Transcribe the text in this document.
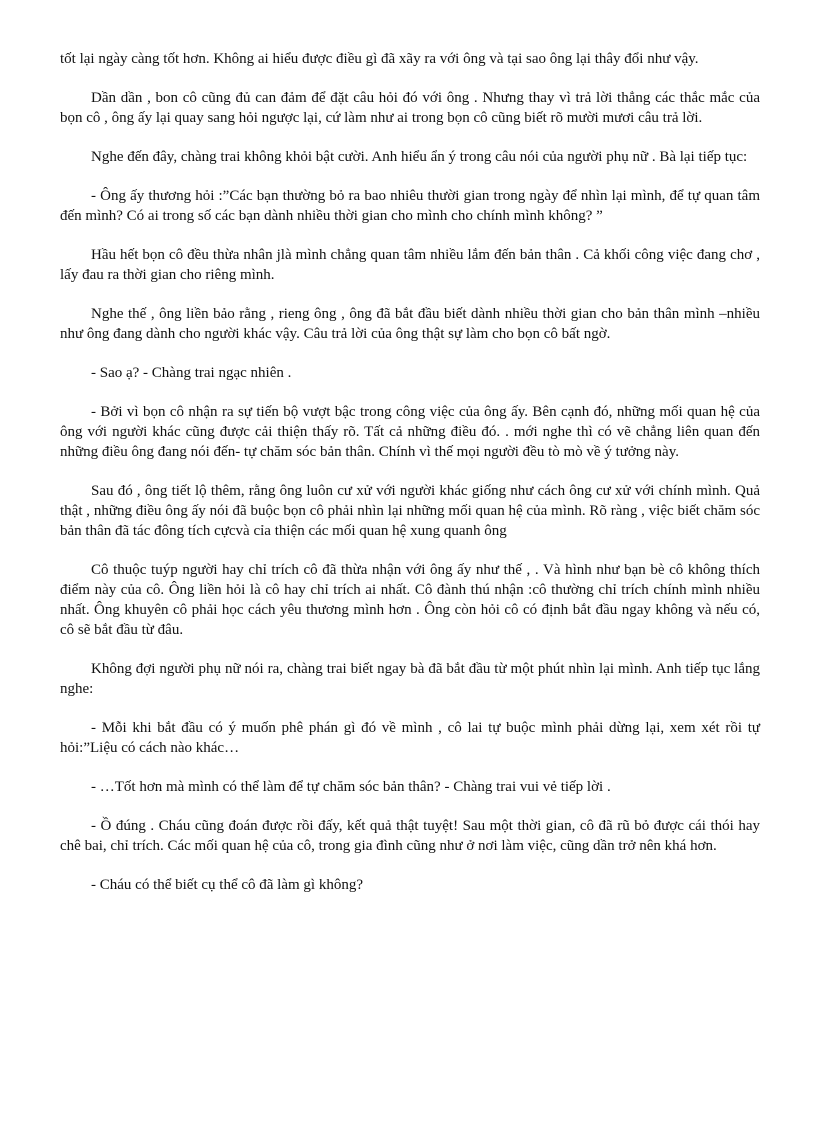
tốt lại ngày càng tốt hơn. Không ai hiểu được điều gì đã xãy ra với ông và tại sao ông lại thây đổi như vậy.

Dần dần , bon cô cũng đủ can đảm để đặt câu hỏi đó với ông . Nhưng thay vì trả lời thẳng các thắc mắc của bọn cô , ông ấy lại quay sang hỏi ngược lại, cứ làm như ai trong bọn cô cũng biết rõ mười mươi câu trả lời.

Nghe đến đây, chàng trai không khỏi bật cười. Anh hiểu ẩn ý trong câu nói của người phụ nữ . Bà lại tiếp tục:

- Ông ấy thương hỏi :”Các bạn thường bỏ ra bao nhiêu thười gian trong ngày để nhìn lại mình, để tự quan tâm đến mình? Có ai trong số các bạn dành nhiều thời gian cho mình cho chính mình không? ”

Hầu hết bọn cô đều thừa nhân jlà mình chẳng quan tâm nhiều lắm đến bản thân . Cả khối công việc đang chơ , lấy đau ra thời gian cho riêng mình.

Nghe thế , ông liền bảo rằng , rieng ông , ông đã bắt đầu biết dành nhiều thời gian cho bản thân mình –nhiều như ông đang dành cho người khác vậy. Câu trả lời của ông thật sự làm cho bọn cô bất ngờ.

- Sao ạ? - Chàng trai ngạc nhiên .

- Bởi vì bọn cô nhận ra sự tiến bộ vượt bậc trong công việc của ông ấy. Bên cạnh đó, những mối quan hệ của ông với người khác cũng được cải thiện thấy rõ. Tất cả những điều đó. . mới nghe thì có vẽ chẳng liên quan đến những điều ông đang nói đến- tự chăm sóc bản thân. Chính vì thế mọi người đều tò mò về ý tưởng này.

Sau đó , ông tiết lộ thêm, rằng ông luôn cư xử với người khác giống như cách ông cư xử với chính mình. Quả thật , những điều ông ấy nói đã buộc bọn cô phải nhìn lại những mối quan hệ của mình. Rõ ràng , việc biết chăm sóc bản thân đã tác đông tích cựcvà cỉa thiện các mối quan hệ xung quanh ông

Cô thuộc tuýp người hay chỉ trích cô đã thừa nhận với ông ấy như thế , . Và hình như bạn bè cô không thích điểm này của cô. Ông liền hỏi là cô hay chỉ trích ai nhất. Cô đành thú nhận :cô thường chỉ trích chính mình nhiều nhất. Ông khuyên cô phải học cách yêu thương mình hơn . Ông còn hỏi cô có định bắt đầu ngay không và nếu có, cô sẽ bắt đầu từ đâu.

Không đợi người phụ nữ nói ra, chàng trai biết ngay bà đã bắt đầu từ một phút nhìn lại mình. Anh tiếp tục lắng nghe:

- Mỗi khi bắt đầu có ý muốn phê phán gì đó về mình , cô lai tự buộc mình phải dừng lại, xem xét rồi tự hỏi:”Liệu có cách nào khác…

- …Tốt hơn mà mình có thể làm để tự chăm sóc bản thân? - Chàng trai vui vẻ tiếp lời .

- Ồ đúng . Cháu cũng đoán được rồi đấy, kết quả thật tuyệt! Sau một thời gian, cô đã rũ bỏ được cái thói hay chê bai, chỉ trích. Các mối quan hệ của cô, trong gia đình cũng như ở nơi làm việc, cũng dần trở nên khá hơn.

- Cháu có thể biết cụ thể cô đã làm gì không?
